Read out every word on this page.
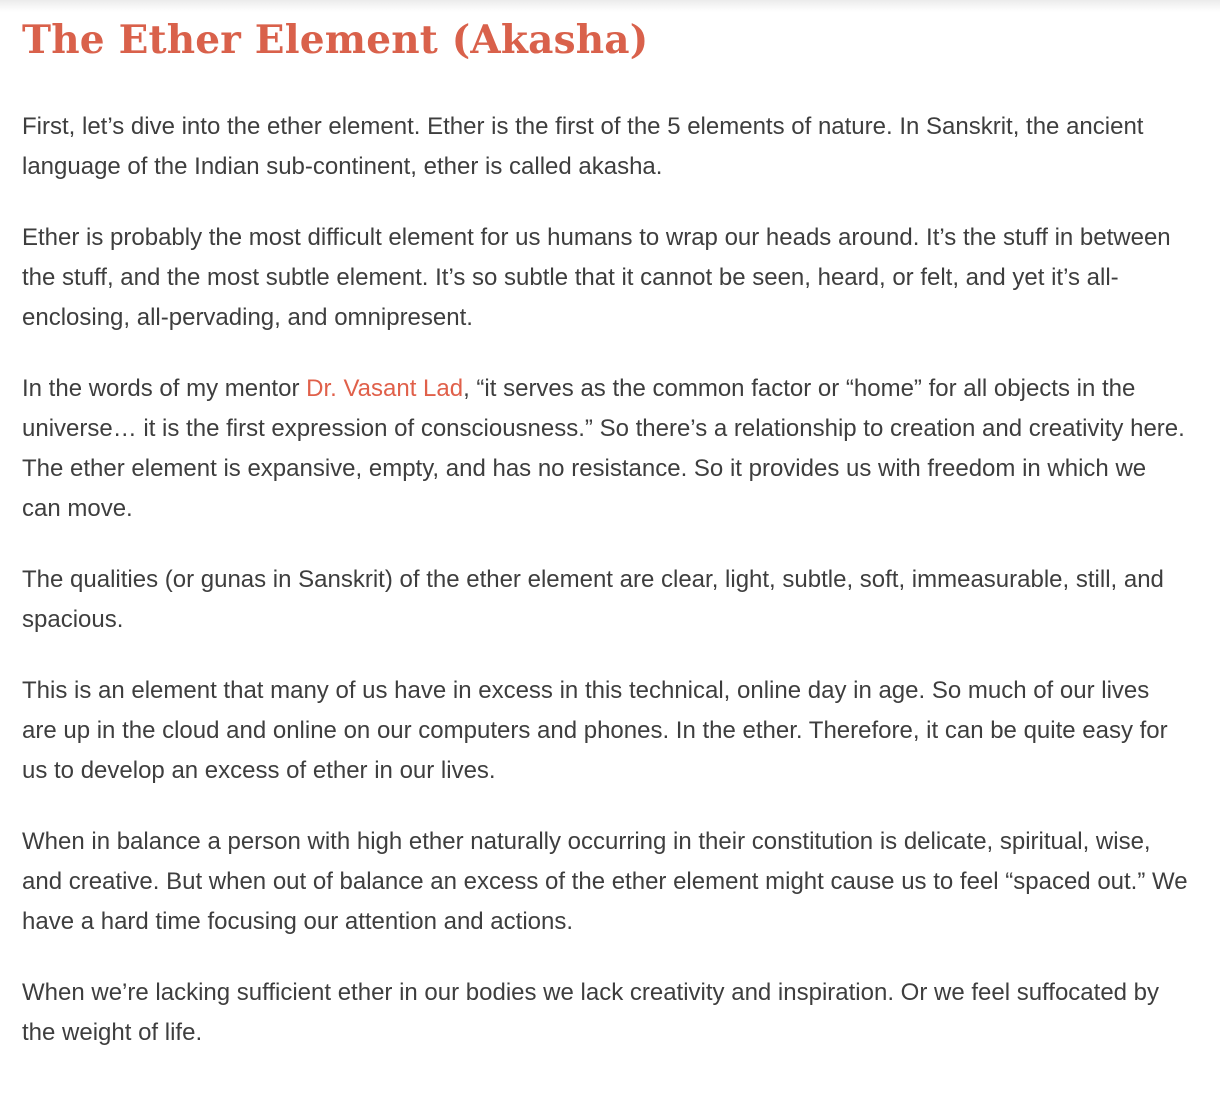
The Ether Element (Akasha)

First, let’s dive into the ether element. Ether is the first of the 5 elements of nature. In Sanskrit, the ancient language of the Indian sub-continent, ether is called akasha.

Ether is probably the most difficult element for us humans to wrap our heads around. It’s the stuff in between the stuff, and the most subtle element. It’s so subtle that it cannot be seen, heard, or felt, and yet it’s all-enclosing, all-pervading, and omnipresent.

In the words of my mentor Dr. Vasant Lad, “it serves as the common factor or “home” for all objects in the universe… it is the first expression of consciousness.” So there’s a relationship to creation and creativity here. The ether element is expansive, empty, and has no resistance. So it provides us with freedom in which we can move.

The qualities (or gunas in Sanskrit) of the ether element are clear, light, subtle, soft, immeasurable, still, and spacious.

This is an element that many of us have in excess in this technical, online day in age. So much of our lives are up in the cloud and online on our computers and phones. In the ether. Therefore, it can be quite easy for us to develop an excess of ether in our lives.

When in balance a person with high ether naturally occurring in their constitution is delicate, spiritual, wise, and creative. But when out of balance an excess of the ether element might cause us to feel “spaced out.” We have a hard time focusing our attention and actions.

When we’re lacking sufficient ether in our bodies we lack creativity and inspiration. Or we feel suffocated by the weight of life.
